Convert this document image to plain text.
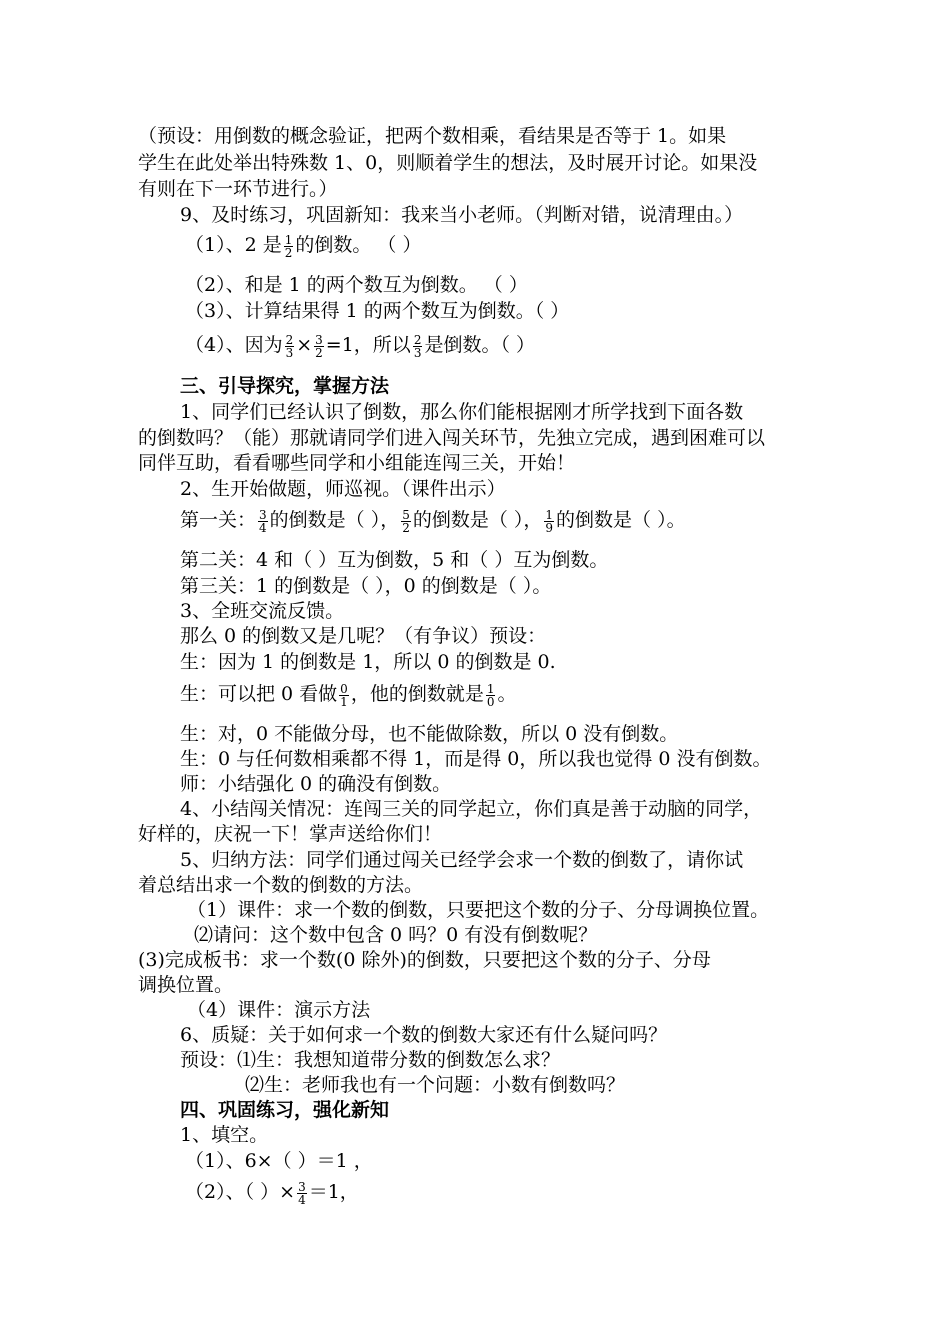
（预设：用倒数的概念验证，把两个数相乘，看结果是否等于 1。如果
学生在此处举出特殊数 1、0，则顺着学生的想法，及时展开讨论。如果没
有则在下一环节进行。）
9、及时练习，巩固新知：我来当小老师。（判断对错，说清理由。）
（1）、2 是 $\frac{1}{2}$ 的倒数。 （ ）
（2）、和是 1 的两个数互为倒数。 （ ）
（3）、计算结果得 1 的两个数互为倒数。（ ）
（4）、因为 $\frac{2}{3} \times \frac{3}{2} =1$，所以 $\frac{2}{3}$ 是倒数。（ ）
三、引导探究，掌握方法
1、同学们已经认识了倒数，那么你们能根据刚才所学找到下面各数
的倒数吗？（能）那就请同学们进入闯关环节，先独立完成，遇到困难可以
同伴互助，看看哪些同学和小组能连闯三关，开始！
2、生开始做题，师巡视。（课件出示）
第一关： $\frac{3}{4}$ 的倒数是（ ）， $\frac{5}{2}$ 的倒数是（ ）， $\frac{1}{9}$ 的倒数是（ ）。
第二关：4 和（ ）互为倒数，5 和（ ）互为倒数。
第三关：1 的倒数是（ ），0 的倒数是（ ）。
3、全班交流反馈。
那么 0 的倒数又是几呢？（有争议）预设：
生：因为 1 的倒数是 1，所以 0 的倒数是 0.
生：可以把 0 看做 $\frac{0}{1}$ ，他的倒数就是 $\frac{1}{0}$ 。
生：对，0 不能做分母，也不能做除数，所以 0 没有倒数。
生：0 与任何数相乘都不得 1，而是得 0，所以我也觉得 0 没有倒数。
师：小结强化 0 的确没有倒数。
4、小结闯关情况：连闯三关的同学起立，你们真是善于动脑的同学，
好样的，庆祝一下！掌声送给你们！
5、归纳方法：同学们通过闯关已经学会求一个数的倒数了，请你试
着总结出求一个数的倒数的方法。
（1）课件：求一个数的倒数，只要把这个数的分子、分母调换位置。
⑵请问：这个数中包含 0 吗？0 有没有倒数呢？
(3)完成板书：求一个数(0 除外)的倒数，只要把这个数的分子、分母
调换位置。
（4）课件：演示方法
6、质疑：关于如何求一个数的倒数大家还有什么疑问吗？
预设：⑴生：我想知道带分数的倒数怎么求？
⑵生：老师我也有一个问题：小数有倒数吗？
四、巩固练习，强化新知
1、填空。
（1）、6×（ ）＝1 ，
（2）、（ ）× $\frac{3}{4} =1$，
